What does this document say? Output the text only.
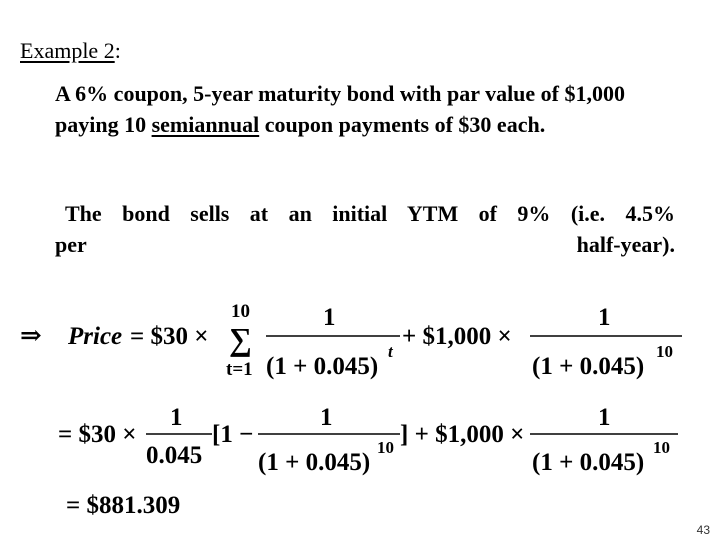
Example 2:
A 6% coupon, 5-year maturity bond with par value of $1,000 paying 10 semiannual coupon payments of $30 each.
The bond sells at an initial YTM of 9% (i.e. 4.5%
per half-year).
⇒ Price = $30 ×
10
∑
t=1
1
(1 + 0.045)
t
+ $1,000 ×
1
(1 + 0.045)
10
= $30 ×
1
0.045
[1 −
1
(1 + 0.045)
10 ] + $1,000 ×
1
(1 + 0.045)
10
= $881.309
43
